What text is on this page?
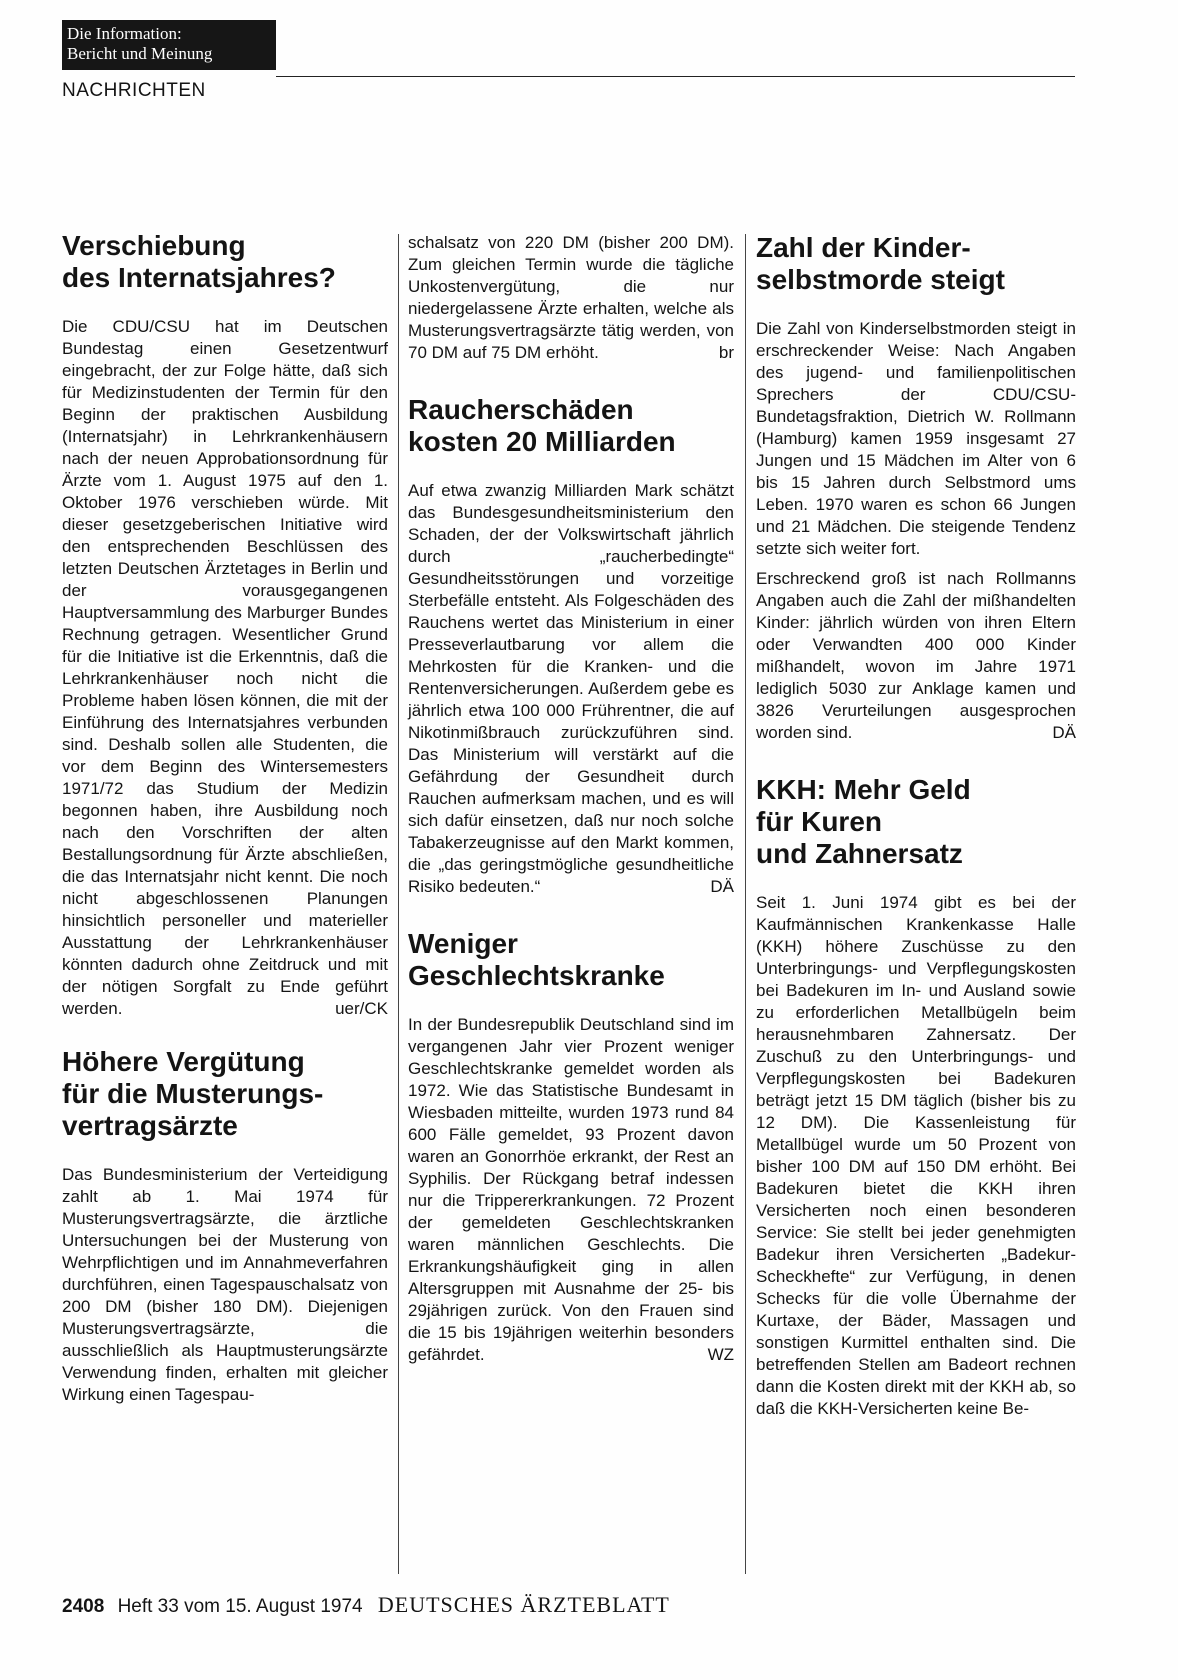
Die Information:
Bericht und Meinung
NACHRICHTEN
Verschiebung
des Internatsjahres?

Die CDU/CSU hat im Deutschen Bundestag einen Gesetzentwurf eingebracht, der zur Folge hätte, daß sich für Medizinstudenten der Termin für den Beginn der praktischen Ausbildung (Internatsjahr) in Lehrkrankenhäusern nach der neuen Approbationsordnung für Ärzte vom 1. August 1975 auf den 1. Oktober 1976 verschieben würde. Mit dieser gesetzgeberischen Initiative wird den entsprechenden Beschlüssen des letzten Deutschen Ärztetages in Berlin und der vorausgegangenen Hauptversammlung des Marburger Bundes Rechnung getragen. Wesentlicher Grund für die Initiative ist die Erkenntnis, daß die Lehrkrankenhäuser noch nicht die Probleme haben lösen können, die mit der Einführung des Internatsjahres verbunden sind. Deshalb sollen alle Studenten, die vor dem Beginn des Wintersemesters 1971/72 das Studium der Medizin begonnen haben, ihre Ausbildung noch nach den Vorschriften der alten Bestallungsordnung für Ärzte abschließen, die das Internatsjahr nicht kennt. Die noch nicht abgeschlossenen Planungen hinsichtlich personeller und materieller Ausstattung der Lehrkrankenhäuser könnten dadurch ohne Zeitdruck und mit der nötigen Sorgfalt zu Ende geführt werden.	uer/CK

Höhere Vergütung
für die Musterungs-
vertragsärzte

Das Bundesministerium der Verteidigung zahlt ab 1. Mai 1974 für Musterungsvertragsärzte, die ärztliche Untersuchungen bei der Musterung von Wehrpflichtigen und im Annahmeverfahren durchführen, einen Tagespauschalsatz von 200 DM (bisher 180 DM). Diejenigen Musterungsvertragsärzte, die ausschließlich als Hauptmusterungsärzte Verwendung finden, erhalten mit gleicher Wirkung einen Tagespau-

schalsatz von 220 DM (bisher 200 DM). Zum gleichen Termin wurde die tägliche Unkostenvergütung, die nur niedergelassene Ärzte erhalten, welche als Musterungsvertragsärzte tätig werden, von 70 DM auf 75 DM erhöht.	br

Raucherschäden
kosten 20 Milliarden

Auf etwa zwanzig Milliarden Mark schätzt das Bundesgesundheitsministerium den Schaden, der der Volkswirtschaft jährlich durch „raucherbedingte“ Gesundheitsstörungen und vorzeitige Sterbefälle entsteht. Als Folgeschäden des Rauchens wertet das Ministerium in einer Presseverlautbarung vor allem die Mehrkosten für die Kranken- und die Rentenversicherungen. Außerdem gebe es jährlich etwa 100 000 Frührentner, die auf Nikotinmißbrauch zurückzuführen sind. Das Ministerium will verstärkt auf die Gefährdung der Gesundheit durch Rauchen aufmerksam machen, und es will sich dafür einsetzen, daß nur noch solche Tabakerzeugnisse auf den Markt kommen, die „das geringstmögliche gesundheitliche Risiko bedeuten.“	DÄ

Weniger
Geschlechtskranke

In der Bundesrepublik Deutschland sind im vergangenen Jahr vier Prozent weniger Geschlechtskranke gemeldet worden als 1972. Wie das Statistische Bundesamt in Wiesbaden mitteilte, wurden 1973 rund 84 600 Fälle gemeldet, 93 Prozent davon waren an Gonorrhöe erkrankt, der Rest an Syphilis. Der Rückgang betraf indessen nur die Trippererkrankungen. 72 Prozent der gemeldeten Geschlechtskranken waren männlichen Geschlechts. Die Erkrankungshäufigkeit ging in allen Altersgruppen mit Ausnahme der 25- bis 29jährigen zurück. Von den Frauen sind die 15 bis 19jährigen weiterhin besonders gefährdet.	WZ

Zahl der Kinder-
selbstmorde steigt

Die Zahl von Kinderselbstmorden steigt in erschreckender Weise: Nach Angaben des jugend- und familienpolitischen Sprechers der CDU/CSU-Bundetagsfraktion, Dietrich W. Rollmann (Hamburg) kamen 1959 insgesamt 27 Jungen und 15 Mädchen im Alter von 6 bis 15 Jahren durch Selbstmord ums Leben. 1970 waren es schon 66 Jungen und 21 Mädchen. Die steigende Tendenz setzte sich weiter fort.

Erschreckend groß ist nach Rollmanns Angaben auch die Zahl der mißhandelten Kinder: jährlich würden von ihren Eltern oder Verwandten 400 000 Kinder mißhandelt, wovon im Jahre 1971 lediglich 5030 zur Anklage kamen und 3826 Verurteilungen ausgesprochen worden sind.	DÄ

KKH: Mehr Geld
für Kuren
und Zahnersatz

Seit 1. Juni 1974 gibt es bei der Kaufmännischen Krankenkasse Halle (KKH) höhere Zuschüsse zu den Unterbringungs- und Verpflegungskosten bei Badekuren im In- und Ausland sowie zu erforderlichen Metallbügeln beim herausnehmbaren Zahnersatz. Der Zuschuß zu den Unterbringungs- und Verpflegungskosten bei Badekuren beträgt jetzt 15 DM täglich (bisher bis zu 12 DM). Die Kassenleistung für Metallbügel wurde um 50 Prozent von bisher 100 DM auf 150 DM erhöht. Bei Badekuren bietet die KKH ihren Versicherten noch einen besonderen Service: Sie stellt bei jeder genehmigten Badekur ihren Versicherten „Badekur-Scheckhefte“ zur Verfügung, in denen Schecks für die volle Übernahme der Kurtaxe, der Bäder, Massagen und sonstigen Kurmittel enthalten sind. Die betreffenden Stellen am Badeort rechnen dann die Kosten direkt mit der KKH ab, so daß die KKH-Versicherten keine Be-

2408 Heft 33 vom 15. August 1974 DEUTSCHES ÄRZTEBLATT
